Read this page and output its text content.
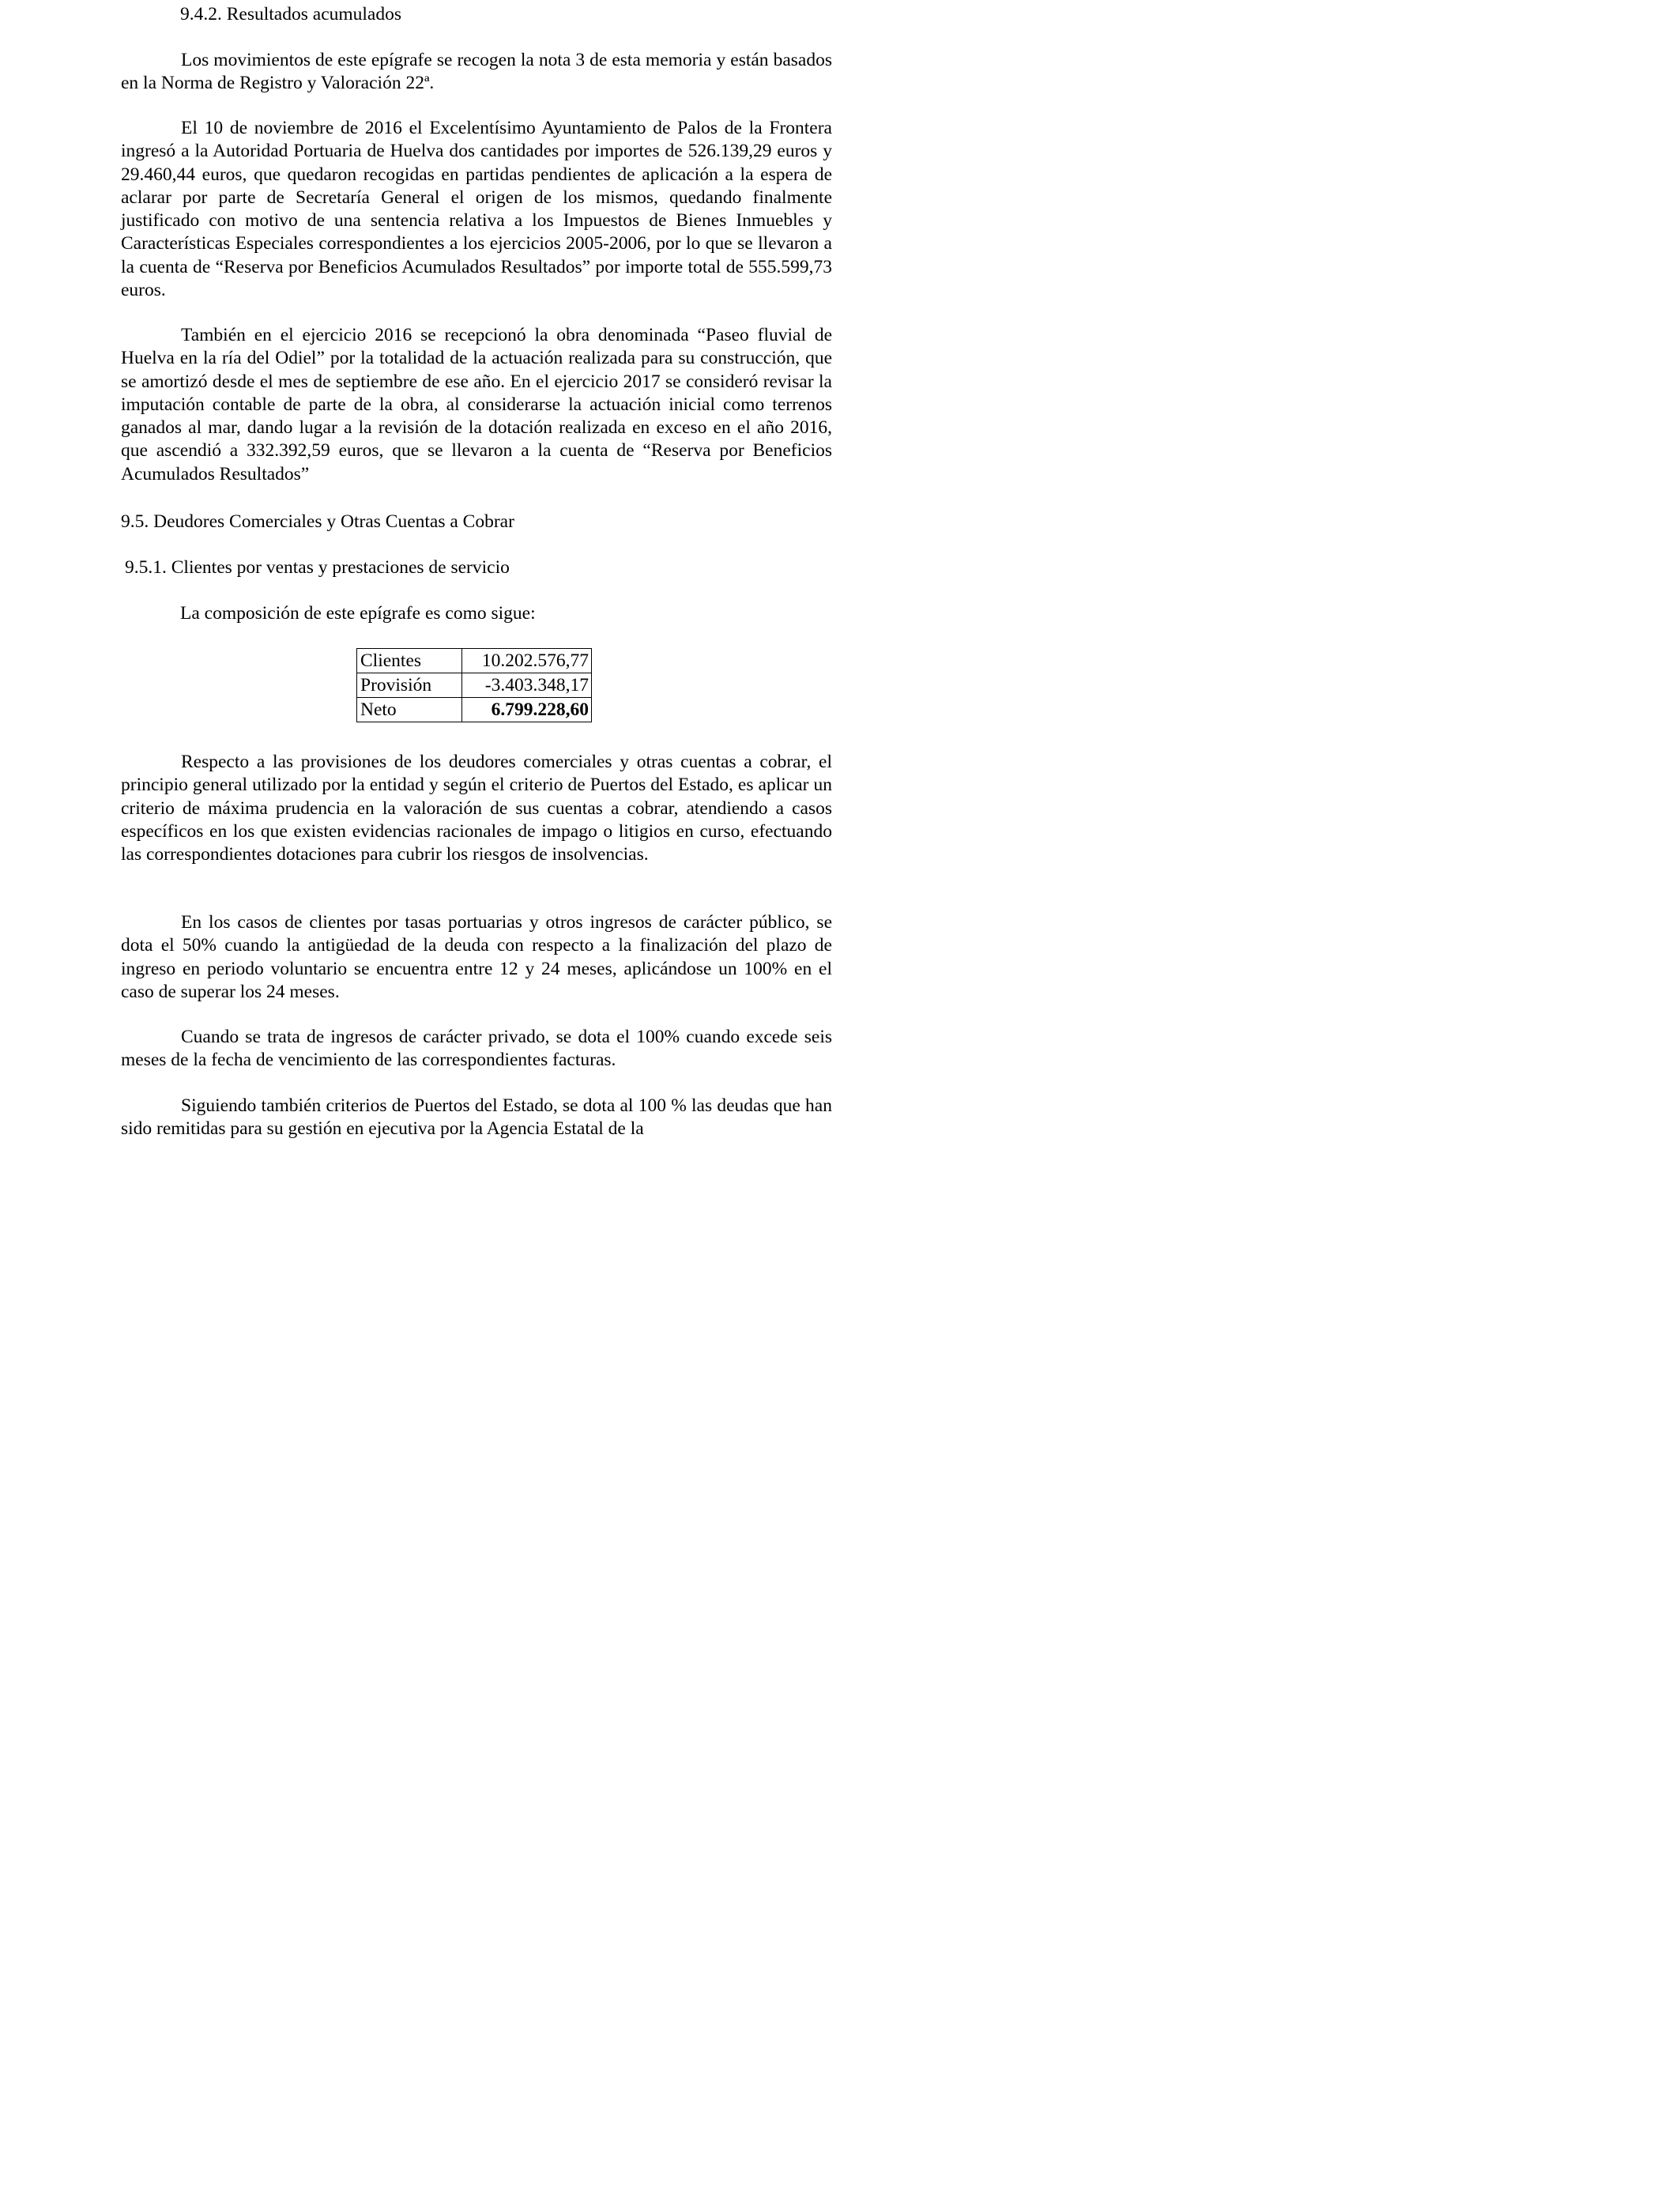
9.4.2. Resultados acumulados

Los movimientos de este epígrafe se recogen la nota 3 de esta memoria y están basados en la Norma de Registro y Valoración 22ª.

El 10 de noviembre de 2016 el Excelentísimo Ayuntamiento de Palos de la Frontera ingresó a la Autoridad Portuaria de Huelva dos cantidades por importes de 526.139,29 euros y 29.460,44 euros, que quedaron recogidas en partidas pendientes de aplicación a la espera de aclarar por parte de Secretaría General el origen de los mismos, quedando finalmente justificado con motivo de una sentencia relativa a los Impuestos de Bienes Inmuebles y Características Especiales correspondientes a los ejercicios 2005-2006, por lo que se llevaron a la cuenta de “Reserva por Beneficios Acumulados Resultados” por importe total de 555.599,73 euros.

También en el ejercicio 2016 se recepcionó la obra denominada “Paseo fluvial de Huelva en la ría del Odiel” por la totalidad de la actuación realizada para su construcción, que se amortizó desde el mes de septiembre de ese año. En el ejercicio 2017 se consideró revisar la imputación contable de parte de la obra, al considerarse la actuación inicial como terrenos ganados al mar, dando lugar a la revisión de la dotación realizada en exceso en el año 2016, que ascendió a 332.392,59 euros, que se llevaron a la cuenta de “Reserva por Beneficios Acumulados Resultados”

9.5. Deudores Comerciales y Otras Cuentas a Cobrar
9.5.1. Clientes por ventas y prestaciones de servicio

La composición de este epígrafe es como sigue:

Clientes	10.202.576,77
Provisión	-3.403.348,17
Neto	6.799.228,60

Respecto a las provisiones de los deudores comerciales y otras cuentas a cobrar, el principio general utilizado por la entidad y según el criterio de Puertos del Estado, es aplicar un criterio de máxima prudencia en la valoración de sus cuentas a cobrar, atendiendo a casos específicos en los que existen evidencias racionales de impago o litigios en curso, efectuando las correspondientes dotaciones para cubrir los riesgos de insolvencias.

En los casos de clientes por tasas portuarias y otros ingresos de carácter público, se dota el 50% cuando la antigüedad de la deuda con respecto a la finalización del plazo de ingreso en periodo voluntario se encuentra entre 12 y 24 meses, aplicándose un 100% en el caso de superar los 24 meses.

Cuando se trata de ingresos de carácter privado, se dota el 100% cuando excede seis meses de la fecha de vencimiento de las correspondientes facturas.

Siguiendo también criterios de Puertos del Estado, se dota al 100 % las deudas que han sido remitidas para su gestión en ejecutiva por la Agencia Estatal de la
